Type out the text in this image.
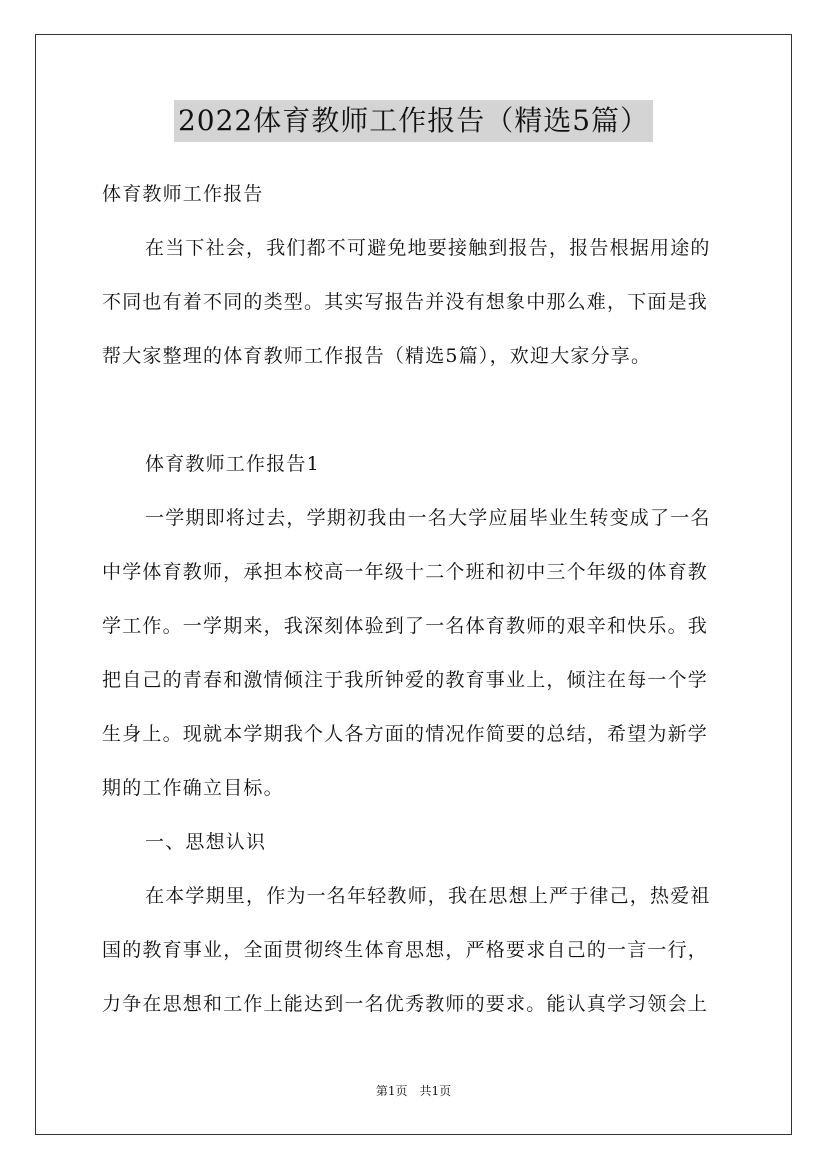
2022体育教师工作报告（精选5篇）
体育教师工作报告
在当下社会，我们都不可避免地要接触到报告，报告根据用途的
不同也有着不同的类型。其实写报告并没有想象中那么难，下面是我
帮大家整理的体育教师工作报告（精选5篇），欢迎大家分享。
体育教师工作报告1
一学期即将过去，学期初我由一名大学应届毕业生转变成了一名
中学体育教师，承担本校高一年级十二个班和初中三个年级的体育教
学工作。一学期来，我深刻体验到了一名体育教师的艰辛和快乐。我
把自己的青春和激情倾注于我所钟爱的教育事业上，倾注在每一个学
生身上。现就本学期我个人各方面的情况作简要的总结，希望为新学
期的工作确立目标。
一、思想认识
在本学期里，作为一名年轻教师，我在思想上严于律己，热爱祖
国的教育事业，全面贯彻终生体育思想，严格要求自己的一言一行，
力争在思想和工作上能达到一名优秀教师的要求。能认真学习领会上
第1页　共1页
